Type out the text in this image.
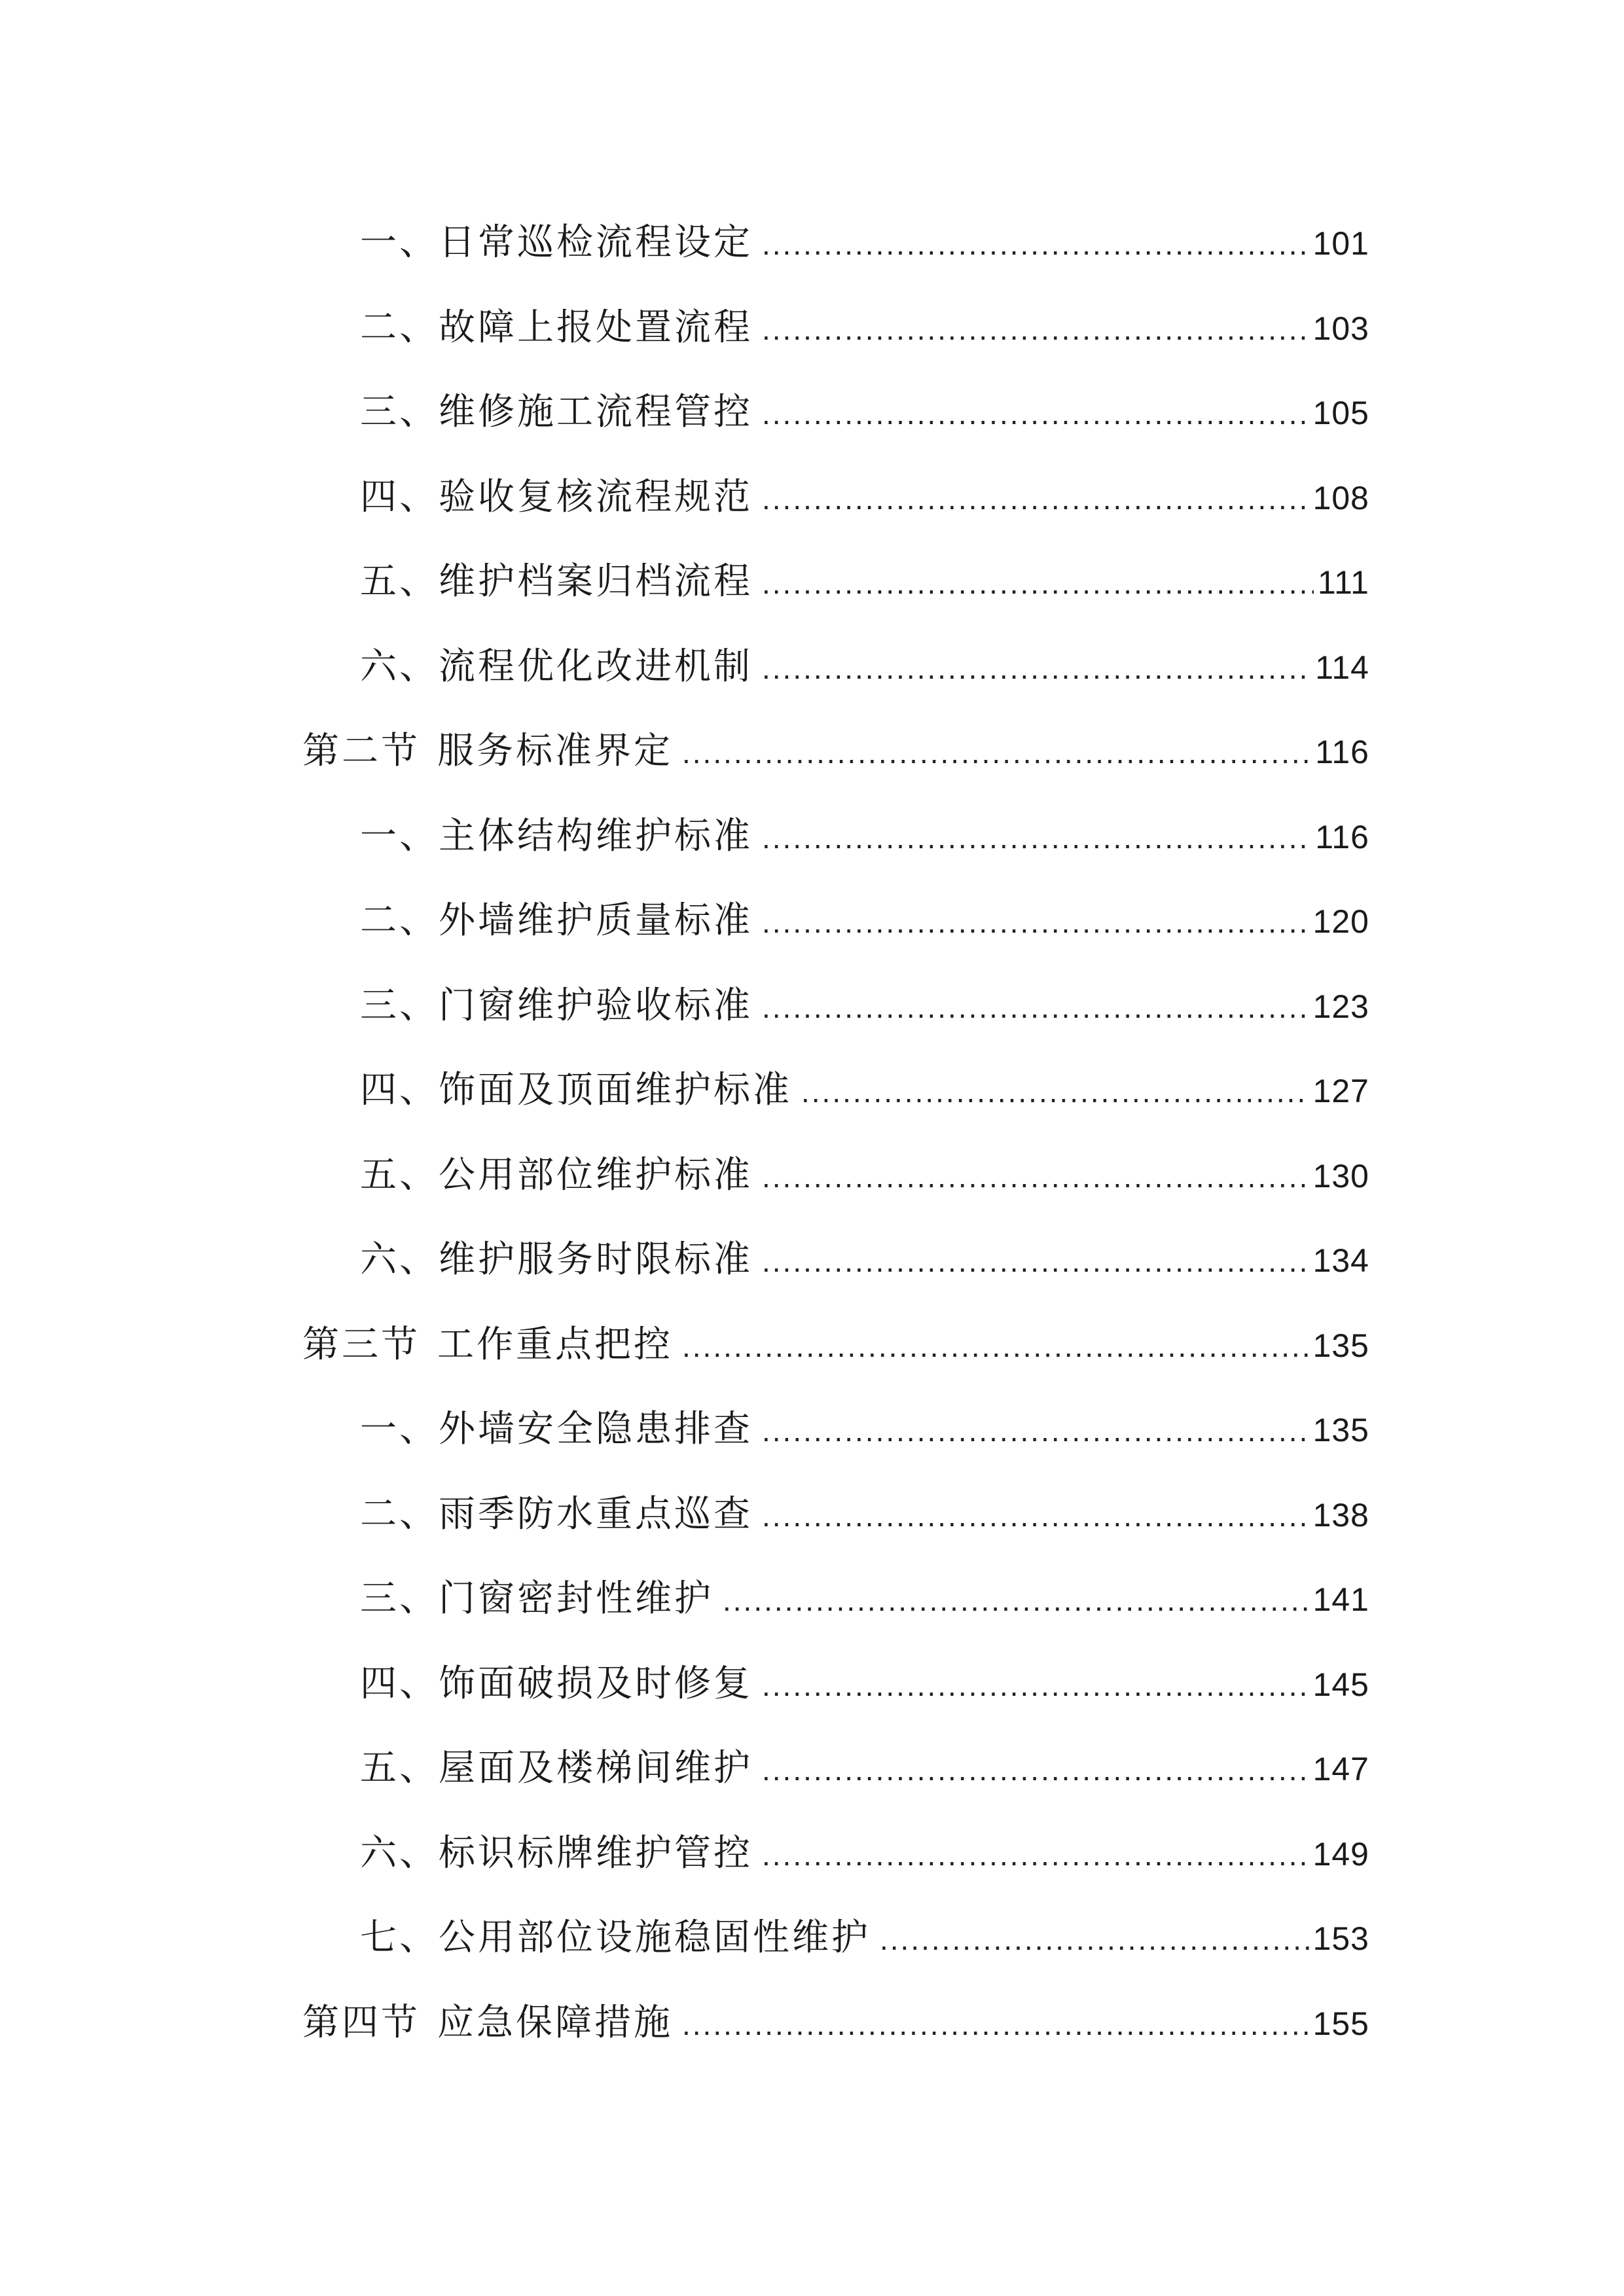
一、日常巡检流程设定 .....	101
二、故障上报处置流程 .....	103
三、维修施工流程管控 .....	105
四、验收复核流程规范 .....	108
五、维护档案归档流程 .....	111
六、流程优化改进机制 .....	114
第二节 服务标准界定 .....	116
一、主体结构维护标准 .....	116
二、外墙维护质量标准 .....	120
三、门窗维护验收标准 .....	123
四、饰面及顶面维护标准 .....	127
五、公用部位维护标准 .....	130
六、维护服务时限标准 .....	134
第三节 工作重点把控 .....	135
一、外墙安全隐患排查 .....	135
二、雨季防水重点巡查 .....	138
三、门窗密封性维护 .....	141
四、饰面破损及时修复 .....	145
五、屋面及楼梯间维护 .....	147
六、标识标牌维护管控 .....	149
七、公用部位设施稳固性维护 .....	153
第四节 应急保障措施 .....	155
